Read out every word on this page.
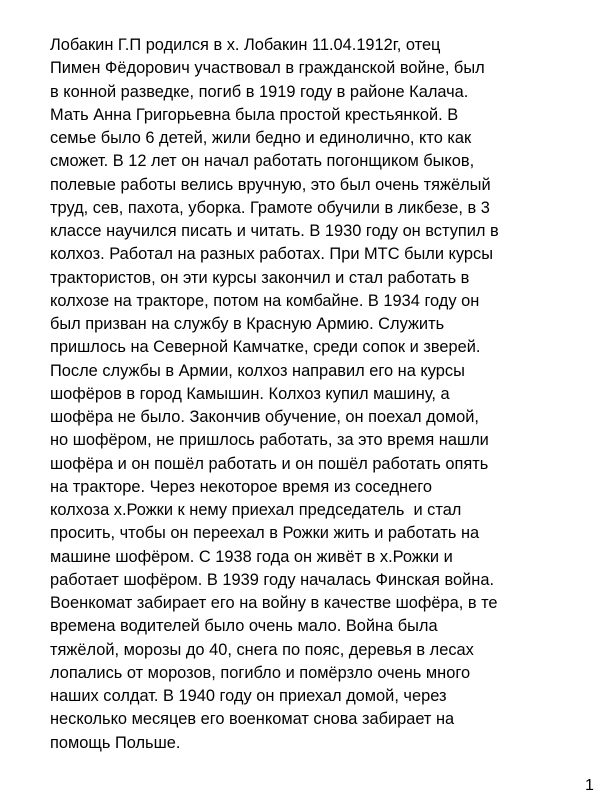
Лобакин Г.П родился в х. Лобакин 11.04.1912г, отец
Пимен Фёдорович участвовал в гражданской войне, был
в конной разведке, погиб в 1919 году в районе Калача.
Мать Анна Григорьевна была простой крестьянкой. В
семье было 6 детей, жили бедно и единолично, кто как
сможет. В 12 лет он начал работать погонщиком быков,
полевые работы велись вручную, это был очень тяжёлый
труд, сев, пахота, уборка. Грамоте обучили в ликбезе, в 3
классе научился писать и читать. В 1930 году он вступил в
колхоз. Работал на разных работах. При МТС были курсы
трактористов, он эти курсы закончил и стал работать в
колхозе на тракторе, потом на комбайне. В 1934 году он
был призван на службу в Красную Армию. Служить
пришлось на Северной Камчатке, среди сопок и зверей.
После службы в Армии, колхоз направил его на курсы
шофёров в город Камышин. Колхоз купил машину, а
шофёра не было. Закончив обучение, он поехал домой,
но шофёром, не пришлось работать, за это время нашли
шофёра и он пошёл работать и он пошёл работать опять
на тракторе. Через некоторое время из соседнего
колхоза х.Рожки к нему приехал председатель  и стал
просить, чтобы он переехал в Рожки жить и работать на
машине шофёром. С 1938 года он живёт в х.Рожки и
работает шофёром. В 1939 году началась Финская война.
Военкомат забирает его на войну в качестве шофёра, в те
времена водителей было очень мало. Война была
тяжёлой, морозы до 40, снега по пояс, деревья в лесах
лопались от морозов, погибло и помёрзло очень много
наших солдат. В 1940 году он приехал домой, через
несколько месяцев его военкомат снова забирает на
помощь Польше.
1
